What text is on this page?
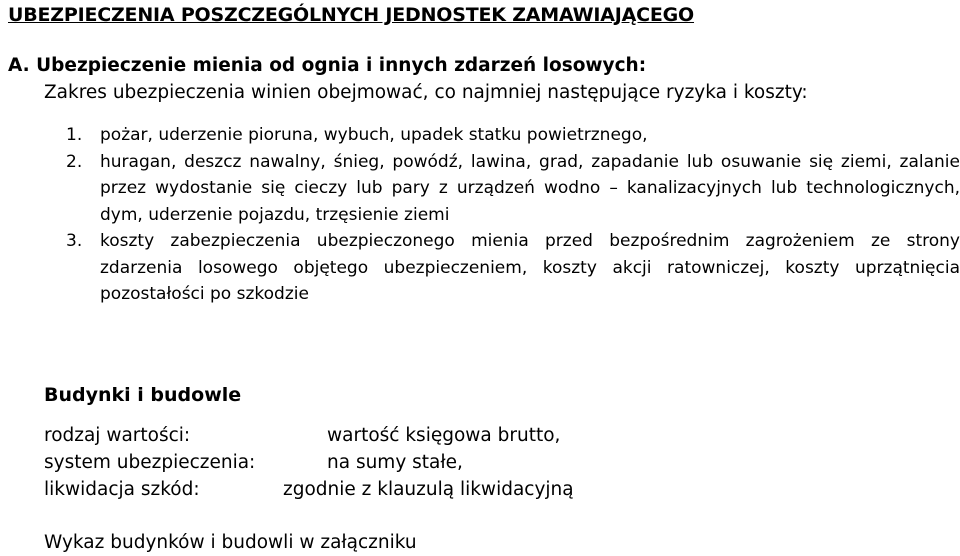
UBEZPIECZENIA POSZCZEGÓLNYCH JEDNOSTEK ZAMAWIAJĄCEGO
A. Ubezpieczenie mienia od ognia i innych zdarzeń losowych:

Zakres ubezpieczenia winien obejmować, co najmniej następujące ryzyka i koszty:

1. pożar, uderzenie pioruna, wybuch, upadek statku powietrznego,
2. huragan, deszcz nawalny, śnieg, powódź, lawina, grad, zapadanie lub osuwanie się ziemi, zalanie przez wydostanie się cieczy lub pary z urządzeń wodno – kanalizacyjnych lub technologicznych, dym, uderzenie pojazdu, trzęsienie ziemi
3. koszty zabezpieczenia ubezpieczonego mienia przed bezpośrednim zagrożeniem ze strony zdarzenia losowego objętego ubezpieczeniem, koszty akcji ratowniczej, koszty uprzątnięcia pozostałości po szkodzie
Budynki i budowle
rodzaj wartości:	wartość księgowa brutto,
system ubezpieczenia:	na sumy stałe,
likwidacja szkód:	zgodnie z klauzulą likwidacyjną

Wykaz budynków i budowli w załączniku
